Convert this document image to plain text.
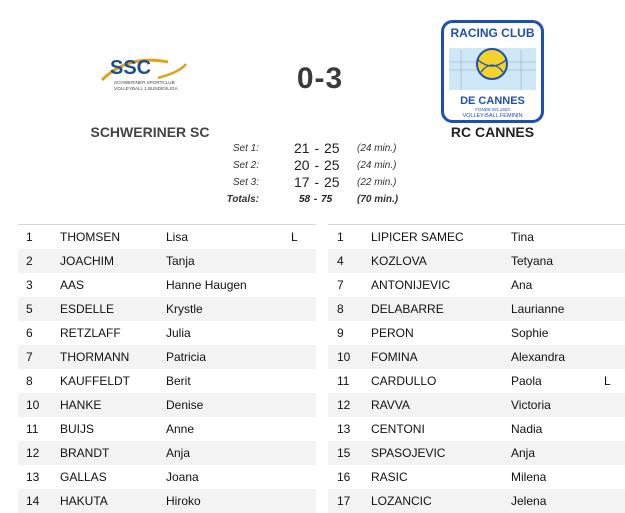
SSC
SCHWERINER SPORTCLUB
VOLLEYBALL 1.BUNDESLIGA	0-3
RACING CLUB
DE CANNES
FONDE EN 1923
VOLLEY-BALL FEMININ
SCHWERINER SC	RC CANNES
Set 1:	21 - 25 (24 min.)
Set 2:	20 - 25 (24 min.)
Set 3:	17 - 25 (22 min.)
Totals:	58 - 75 (70 min.)
1 THOMSEN	Lisa	L
2 JOACHIM	Tanja
3 AAS	Hanne Haugen
5 ESDELLE	Krystle
6 RETZLAFF	Julia
7 THORMANN	Patricia
8 KAUFFELDT	Berit
10 HANKE	Denise
11 BUIJS	Anne
12 BRANDT	Anja
13 GALLAS	Joana
14 HAKUTA	Hiroko
1 LIPICER SAMEC	Tina
4 KOZLOVA	Tetyana
7 ANTONIJEVIC	Ana
8 DELABARRE	Laurianne
9 PERON	Sophie
10 FOMINA	Alexandra
11 CARDULLO	Paola	L
12 RAVVA	Victoria
13 CENTONI	Nadia
15 SPASOJEVIC	Anja
16 RASIC	Milena
17 LOZANCIC	Jelena
